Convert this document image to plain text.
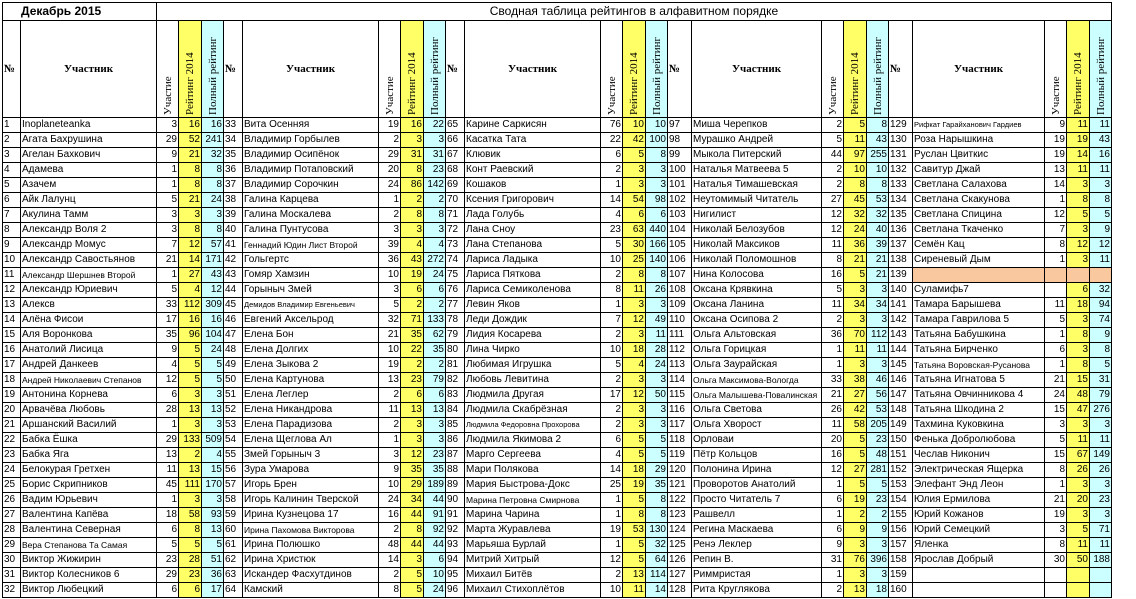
Декабрь 2015		Сводная таблица рейтингов в алфавитном порядке																						
№	Участник	Участие	Рейтинг 2014	Полный рейтинг	№	Участник	Участие	Рейтинг 2014	Полный рейтинг	№	Участник	Участие	Рейтинг 2014	Полный рейтинг	№	Участник	Участие	Рейтинг 2014	Полный рейтинг	№	Участник	Участие	Рейтинг 2014	Полный рейтинг

1	Inoplaneteanka	3	16	16	33	Вита Осенняя	19	16	22	65	Карине Саркисян	76	10	10	97	Миша Черепков	2	5	8	129	Рифкат Гарайханович Гардиев	9	11	11
2	Агата Бахрушина	29	52	241	34	Владимир Горбылев	2	3	3	66	Касатка Тата	22	42	100	98	Мурашко Андрей	5	11	43	130	Роза Нарышкина	19	19	43
3	Агелан Бахкович	9	21	32	35	Владимир Осипёнок	29	31	31	67	Клювик	6	5	8	99	Мыкола Питерский	44	97	255	131	Руслан Цвиткис	19	14	16
4	Адамева	1	8	8	36	Владимир Потаповский	20	8	23	68	Конт Раевский	2	3	3	100	Наталья Матвеева 5	2	10	10	132	Савитур Джай	13	11	11
5	Азачем	1	8	8	37	Владимир Сорочкин	24	86	142	69	Кошаков	1	3	3	101	Наталья Тимашевская	2	8	8	133	Светлана Салахова	14	3	3
6	Айк Лалунц	5	21	24	38	Галина Карцева	1	2	2	70	Ксения Григорович	14	54	98	102	Неутомимый Читатель	27	45	53	134	Светлана Скакунова	1	8	8
7	Акулина Тамм	3	3	3	39	Галина Москалева	2	8	8	71	Лада Голубь	4	6	6	103	Нигилист	12	32	32	135	Светлана Спицина	12	5	5
8	Александр Воля 2	3	8	8	40	Галина Пунтусова	3	3	3	72	Лана Сноу	23	63	440	104	Николай Белозубов	12	24	40	136	Светлана Ткаченко	7	3	9
9	Александр Момус	7	12	57	41	Геннадий Юдин Лист Второй	39	4	4	73	Лана Степанова	5	30	166	105	Николай Максиков	11	36	39	137	Семён Кац	8	12	12
10	Александр Савостьянов	21	14	171	42	Гольгертс	36	43	272	74	Лариса Ладыка	10	25	140	106	Николай Поломошнов	8	21	21	138	Сиреневый Дым	1	3	11
11	Александр Шершнев Второй	1	27	43	43	Гомяр Хамзин	10	19	24	75	Лариса Пяткова	2	8	8	107	Нина Колосова	16	5	21	139				
12	Александр Юриевич	5	4	12	44	Горыныч Змей	3	6	6	76	Лариса Семиколенова	8	11	26	108	Оксана Крявкина	5	3	3	140	Суламифь7		6	32
13	Алекcв	33	112	309	45	Демидов Владимир Евгеньевич	5	2	2	77	Левин Яков	1	3	3	109	Оксана Ланина	11	34	34	141	Тамара Барышева	11	18	94
14	Алёна Фисои	17	16	16	46	Евгений Аксельрод	32	71	133	78	Леди Дождик	7	12	49	110	Оксана Осипова 2	2	3	3	142	Тамара Гаврилова 5	5	3	74
15	Аля Воронкова	35	96	104	47	Елена Бон	21	35	62	79	Лидия Косарева	2	3	11	111	Ольга Альтовская	36	70	112	143	Татьяна Бабушкина	1	8	9
16	Анатолий Лисица	9	5	24	48	Елена Долгих	10	22	35	80	Лина Чирко	10	18	28	112	Ольга Горицкая	1	11	11	144	Татьяна Бирченко	6	3	8
17	Андрей Данкеев	4	5	5	49	Елена Зыкова 2	19	2	2	81	Любимая Игрушка	5	4	24	113	Ольга Заурайская	1	3	3	145	Татьяна Воровская-Русанова	1	8	5
18	Андрей Николаевич Степанов	12	5	5	50	Елена Картунова	13	23	79	82	Любовь Левитина	2	3	3	114	Ольга Максимова-Вологда	33	38	46	146	Татьяна Игнатова 5	21	15	31
19	Антонина Корнева	6	3	3	51	Елена Леглер	2	6	6	83	Людмила Другая	17	12	50	115	Ольга Малышева-Повалинская	21	27	56	147	Татьяна Овчинникова 4	24	48	79
20	Арвачёва Любовь	28	13	13	52	Елена Никандрова	11	13	13	84	Людмила Скабрёзная	2	3	3	116	Ольга Светова	26	42	53	148	Татьяна Шкодина 2	15	47	276
21	Аршанский Василий	1	3	3	53	Елена Парадизова	2	3	3	85	Людмила Федоровна Прохорова	2	3	3	117	Ольга Хворост	11	58	205	149	Тахмина Куковкина	3	3	3
22	Бабка Ёшка	29	133	509	54	Елена Щеглова Ал	1	3	3	86	Людмила Якимова 2	6	5	5	118	Орловаи	20	5	23	150	Фенька Добролюбова	5	11	11
23	Бабка Яга	13	2	4	55	Змей Горыныч 3	3	12	23	87	Марго Сергеева	4	5	5	119	Пётр Кольцов	16	5	48	151	Чеслав Никонич	15	67	149
24	Белокурая Гретхен	11	13	15	56	Зура Умарова	9	35	35	88	Мари Полякова	14	18	29	120	Полонина Ирина	12	27	281	152	Электрическая Ящерка	8	26	26
25	Борис Скрипников	45	111	170	57	Игорь Брен	10	29	189	89	Мария Быстрова-Докс	25	19	35	121	Проворотов Анатолий	1	5	5	153	Элефант Энд Леон	1	3	3
26	Вадим Юрьевич	1	3	3	58	Игорь Калинин Тверской	24	34	44	90	Марина Петровна Смирнова	1	5	8	122	Просто Читатель 7	6	19	23	154	Юлия Ермилова	21	20	23
27	Валентина Капёва	18	58	93	59	Ирина Кузнецова 17	16	44	91	91	Марина Чарина	1	8	8	123	Рашвелл	1	2	2	155	Юрий Кожанов	19	3	3
28	Валентина Северная	6	8	13	60	Ирина Пахомова Викторова	2	8	92	92	Марта Журавлева	19	53	130	124	Регина Маскаева	6	9	9	156	Юрий Семецкий	3	5	71
29	Вера Степанова Та Самая	5	5	5	61	Ирина Полюшко	48	44	44	93	Марьяша Бурлай	1	5	32	125	Ренэ Леклер	9	3	3	157	Яленка	8	11	11
30	Виктор Жижирин	23	28	51	62	Ирина Христюк	14	3	6	94	Митрий Хитрый	12	5	64	126	Репин В.	31	76	396	158	Ярослав Добрый	30	50	188
31	Виктор Колесников 6	29	23	36	63	Искандер Фасхутдинов	2	5	10	95	Михаил Битёв	2	13	114	127	Риммристая	1	3	3	159				
32	Виктор Любецкий	6	6	17	64	Камский	8	5	24	96	Михаил Стихоплётов	10	11	14	128	Рита Кругляковa	2	13	18	160				
